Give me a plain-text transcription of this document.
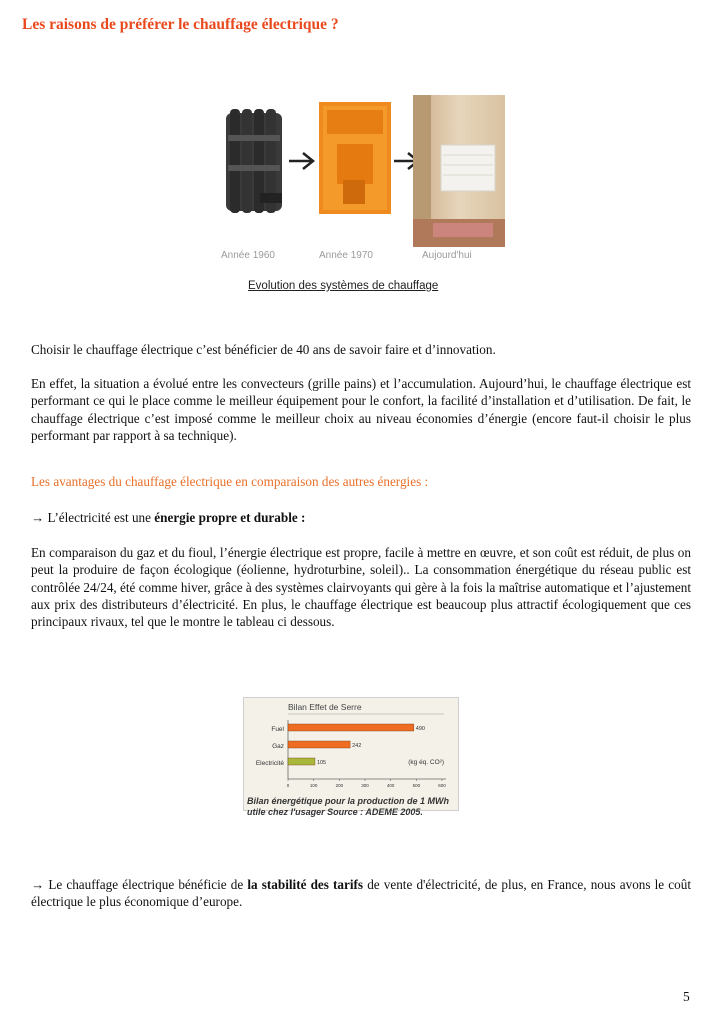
Les raisons de préférer le chauffage électrique ?
Année 1960	Année 1970	Aujourd'hui
Evolution des systèmes de chauffage

Choisir le chauffage électrique c’est bénéficier de 40 ans de savoir faire et d’innovation.

En effet, la situation a évolué entre les convecteurs (grille pains) et l’accumulation. Aujourd’hui, le chauffage électrique est performant ce qui le place comme le meilleur équipement pour le confort, la facilité d’installation et d’utilisation. De fait, le chauffage électrique c’est imposé comme le meilleur choix au niveau économies d’énergie (encore faut-il choisir le plus performant par rapport à sa technique).

Les avantages du chauffage électrique en comparaison des autres énergies :

→ L’électricité est une énergie propre et durable :

En comparaison du gaz et du fioul, l’énergie électrique est propre, facile à mettre en œuvre, et son coût est réduit, de plus on peut la produire de façon écologique (éolienne, hydroturbine, soleil).. La consommation énergétique du réseau public est contrôlée 24/24, été comme hiver, grâce à des systèmes clairvoyants qui gère à la fois la maîtrise automatique et l’ajustement aux prix des distributeurs d’électricité. En plus, le chauffage électrique est beaucoup plus attractif écologiquement que ces principaux rivaux, tel que le montre le tableau ci dessous.

Bilan Effet de Serre
Fuel	490
Gaz	242
Electricité	105
0	100	200	300	400	500	600
(kg éq. CO²)
Bilan énergétique pour la production de 1 MWh utile chez l'usager Source : ADEME 2005.

→ Le chauffage électrique bénéficie de la stabilité des tarifs de vente d'électricité, de plus, en France, nous avons le coût électrique le plus économique d’europe.

5
